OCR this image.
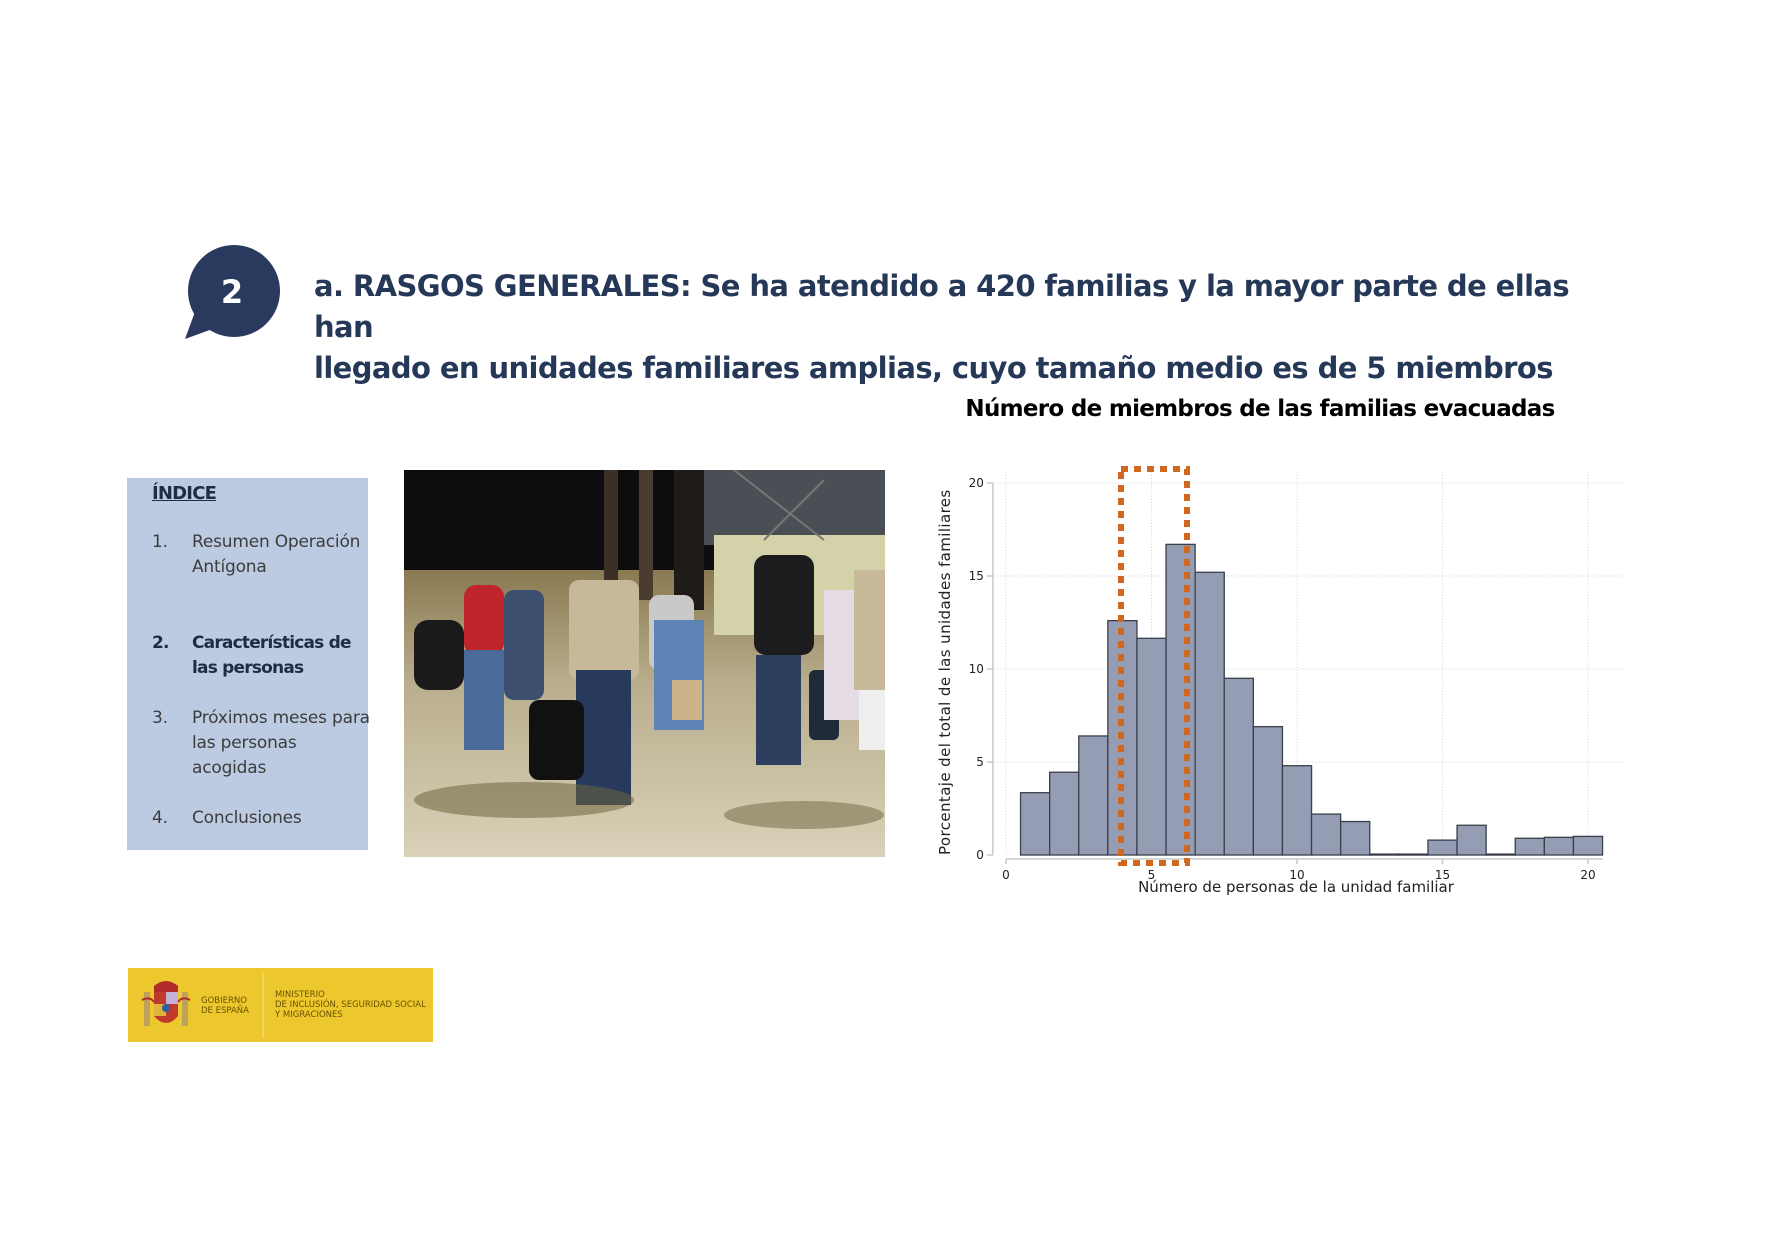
2	a. RASGOS GENERALES: Se ha atendido a 420 familias y la mayor parte de ellas han
llegado en unidades familiares amplias, cuyo tamaño medio es de 5 miembros
ÍNDICE
1.	Resumen Operación Antígona
2.	Características de las personas
3.	Próximos meses para las personas acogidas
4.	Conclusiones
Número de miembros de las familias evacuadas
0
5
10
15
20
0	5	10	15	20
Porcentaje del total de las unidades familiares
Número de personas de la unidad familiar
GOBIERNO
DE ESPAÑA
MINISTERIO
DE INCLUSIÓN, SEGURIDAD SOCIAL
Y MIGRACIONES
